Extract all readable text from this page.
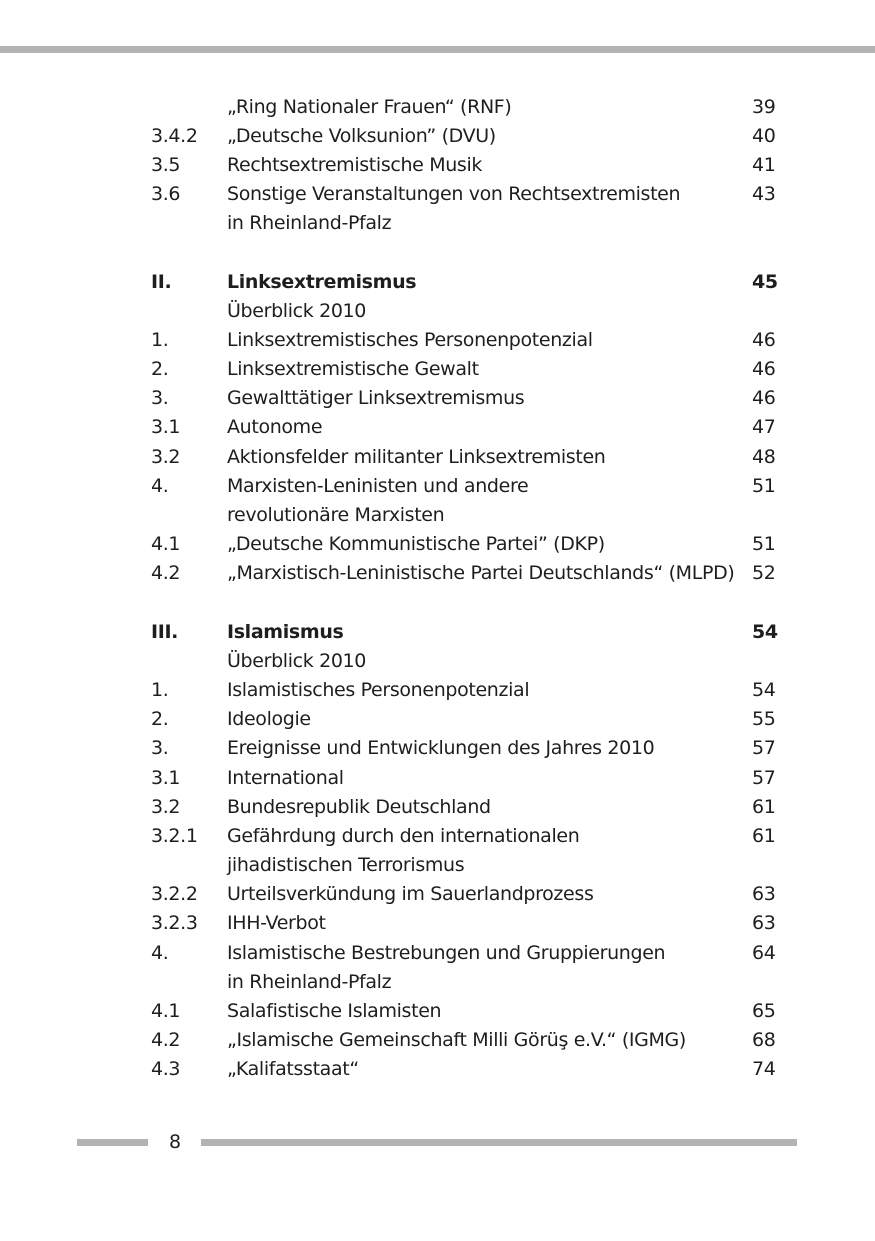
„Ring Nationaler Frauen“ (RNF)	39
3.4.2 „Deutsche Volksunion” (DVU)	40
3.5 Rechtsextremistische Musik	41
3.6 Sonstige Veranstaltungen von Rechtsextremisten	43
in Rheinland-Pfalz
II.	Linksextremismus	45
Überblick 2010
1.	Linksextremistisches Personenpotenzial	46
2.	Linksextremistische Gewalt	46
3.	Gewalttätiger Linksextremismus	46
3.1 Autonome	47
3.2 Aktionsfelder militanter Linksextremisten	48
4.	Marxisten-Leninisten und andere	51
revolutionäre Marxisten
4.1 „Deutsche Kommunistische Partei” (DKP)	51
4.2 „Marxistisch-Leninistische Partei Deutschlands“ (MLPD) 52
III.	Islamismus	54
Überblick 2010
1.	Islamistisches Personenpotenzial	54
2.	Ideologie	55
3.	Ereignisse und Entwicklungen des Jahres 2010	57
3.1 International	57
3.2 Bundesrepublik Deutschland	61
3.2.1 Gefährdung durch den internationalen	61
jihadistischen Terrorismus
3.2.2 Urteilsverkündung im Sauerlandprozess	63
3.2.3 IHH-Verbot	63
4.	Islamistische Bestrebungen und Gruppierungen	64
in Rheinland-Pfalz
4.1 Salafistische Islamisten	65
4.2 „Islamische Gemeinschaft Milli Görüş e.V.“ (IGMG)	68
4.3 „Kalifatsstaat“	74
8
